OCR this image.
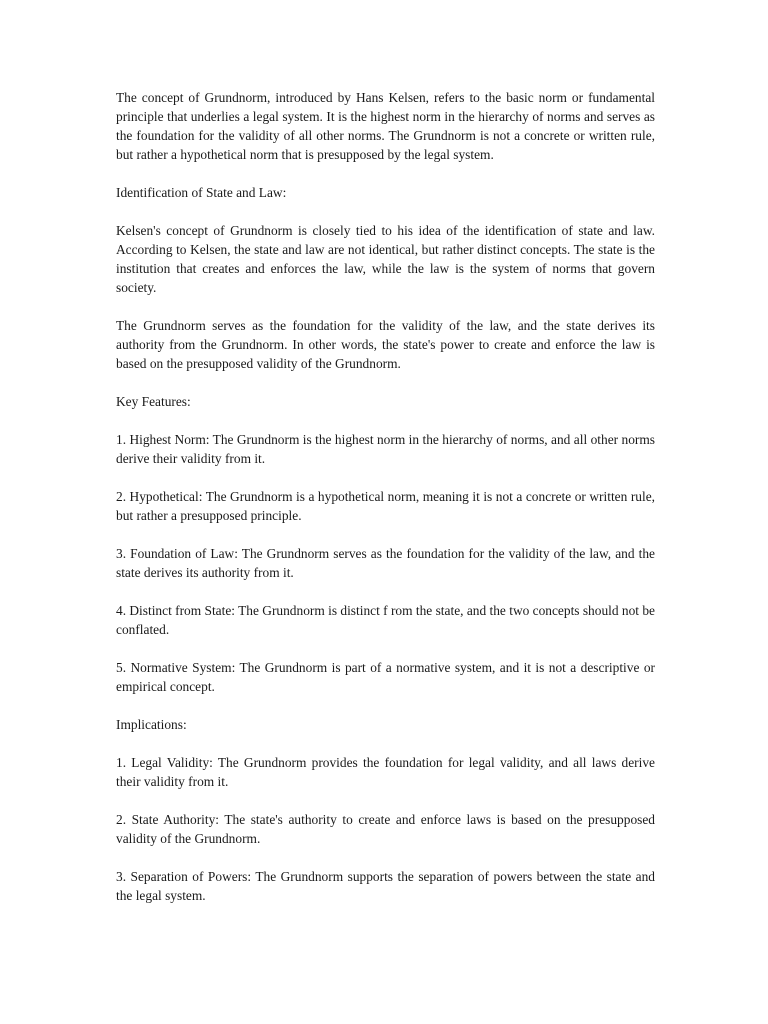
The concept of Grundnorm, introduced by Hans Kelsen, refers to the basic norm or fundamental principle that underlies a legal system. It is the highest norm in the hierarchy of norms and serves as the foundation for the validity of all other norms. The Grundnorm is not a concrete or written rule, but rather a hypothetical norm that is presupposed by the legal system.

Identification of State and Law:

Kelsen's concept of Grundnorm is closely tied to his idea of the identification of state and law. According to Kelsen, the state and law are not identical, but rather distinct concepts. The state is the institution that creates and enforces the law, while the law is the system of norms that govern society.

The Grundnorm serves as the foundation for the validity of the law, and the state derives its authority from the Grundnorm. In other words, the state's power to create and enforce the law is based on the presupposed validity of the Grundnorm.

Key Features:

1. Highest Norm: The Grundnorm is the highest norm in the hierarchy of norms, and all other norms derive their validity from it.

2. Hypothetical: The Grundnorm is a hypothetical norm, meaning it is not a concrete or written rule, but rather a presupposed principle.

3. Foundation of Law: The Grundnorm serves as the foundation for the validity of the law, and the state derives its authority from it.

4. Distinct from State: The Grundnorm is distinct f rom the state, and the two concepts should not be conflated.

5. Normative System: The Grundnorm is part of a normative system, and it is not a descriptive or empirical concept.

Implications:

1. Legal Validity: The Grundnorm provides the foundation for legal validity, and all laws derive their validity from it.

2. State Authority: The state's authority to create and enforce laws is based on the presupposed validity of the Grundnorm.

3. Separation of Powers: The Grundnorm supports the separation of powers between the state and the legal system.
